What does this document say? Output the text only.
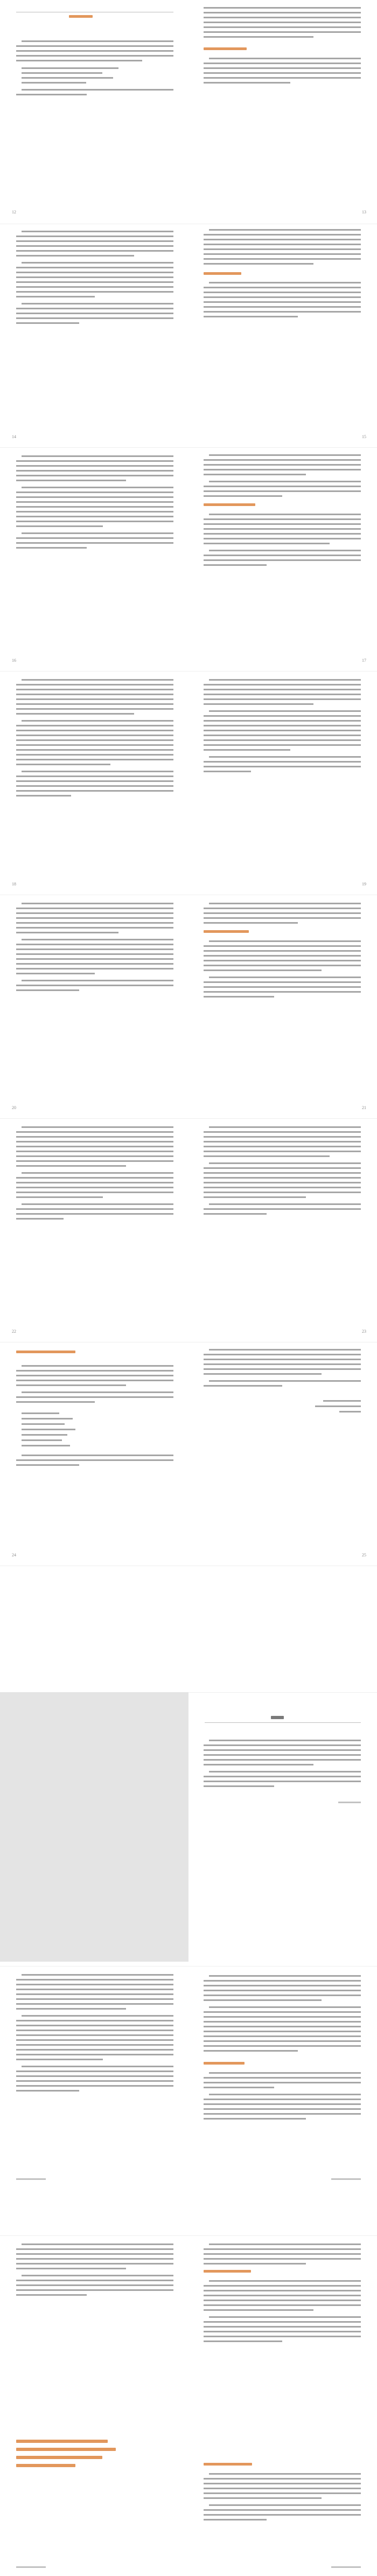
12	13
14	15
16	17
18	19
20	21
22	23
24	25
